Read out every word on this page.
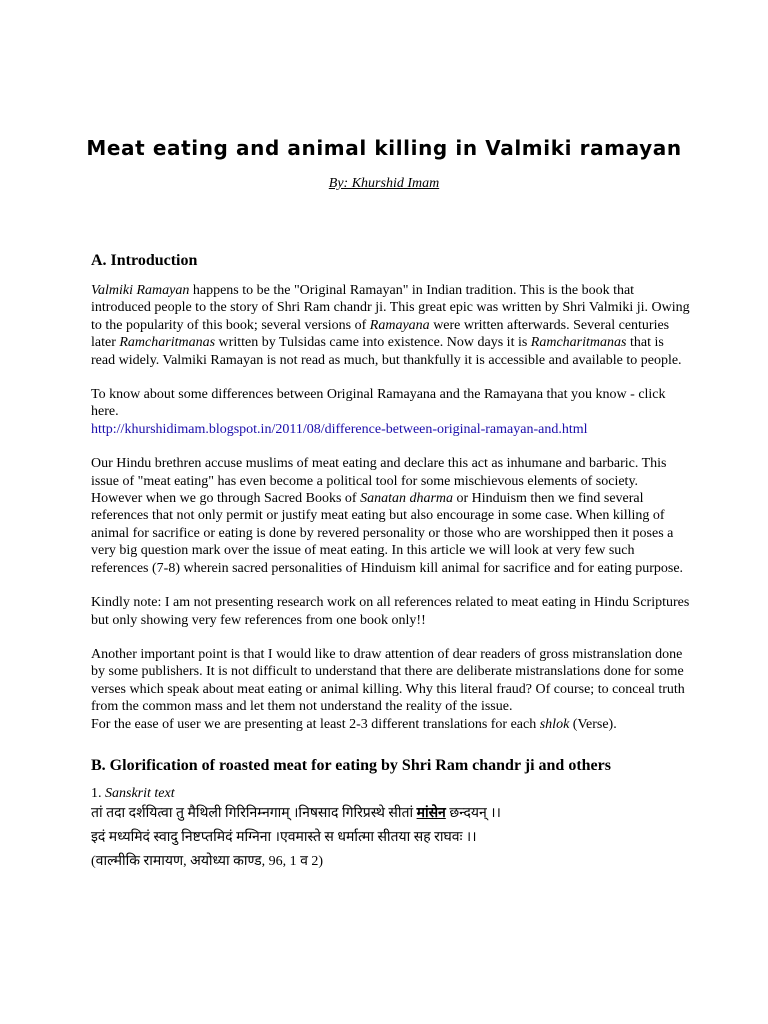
Meat eating and animal killing in Valmiki ramayan

By: Khurshid Imam

A. Introduction

Valmiki Ramayan happens to be the "Original Ramayan" in Indian tradition. This is the book that introduced people to the story of Shri Ram chandr ji. This great epic was written by Shri Valmiki ji. Owing to the popularity of this book; several versions of Ramayana were written afterwards. Several centuries later Ramcharitmanas written by Tulsidas came into existence. Now days it is Ramcharitmanas that is read widely. Valmiki Ramayan is not read as much, but thankfully it is accessible and available to people.

To know about some differences between Original Ramayana and the Ramayana that you know - click here.
http://khurshidimam.blogspot.in/2011/08/difference-between-original-ramayan-and.html

Our Hindu brethren accuse muslims of meat eating and declare this act as inhumane and barbaric. This issue of "meat eating" has even become a political tool for some mischievous elements of society. However when we go through Sacred Books of Sanatan dharma or Hinduism then we find several references that not only permit or justify meat eating but also encourage in some case. When killing of animal for sacrifice or eating is done by revered personality or those who are worshipped then it poses a very big question mark over the issue of meat eating. In this article we will look at very few such references (7-8) wherein sacred personalities of Hinduism kill animal for sacrifice and for eating purpose.

Kindly note: I am not presenting research work on all references related to meat eating in Hindu Scriptures but only showing very few references from one book only!!

Another important point is that I would like to draw attention of dear readers of gross mistranslation done by some publishers. It is not difficult to understand that there are deliberate mistranslations done for some verses which speak about meat eating or animal killing. Why this literal fraud? Of course; to conceal truth from the common mass and let them not understand the reality of the issue.
For the ease of user we are presenting at least 2-3 different translations for each shlok (Verse).

B. Glorification of roasted meat for eating by Shri Ram chandr ji and others

1. Sanskrit text

तां तदा दर्शयित्वा तु मैथिली गिरिनिम्नगाम् ।निषसाद गिरिप्रस्थे सीतां मांसेन छन्दयन् ।।

इदं मध्यमिदं स्वादु निष्टप्तमिदं मग्निना ।एवमास्ते स धर्मात्मा सीतया सह राघवः ।।

(वाल्मीकि रामायण, अयोध्या काण्ड, 96, 1 व 2)
